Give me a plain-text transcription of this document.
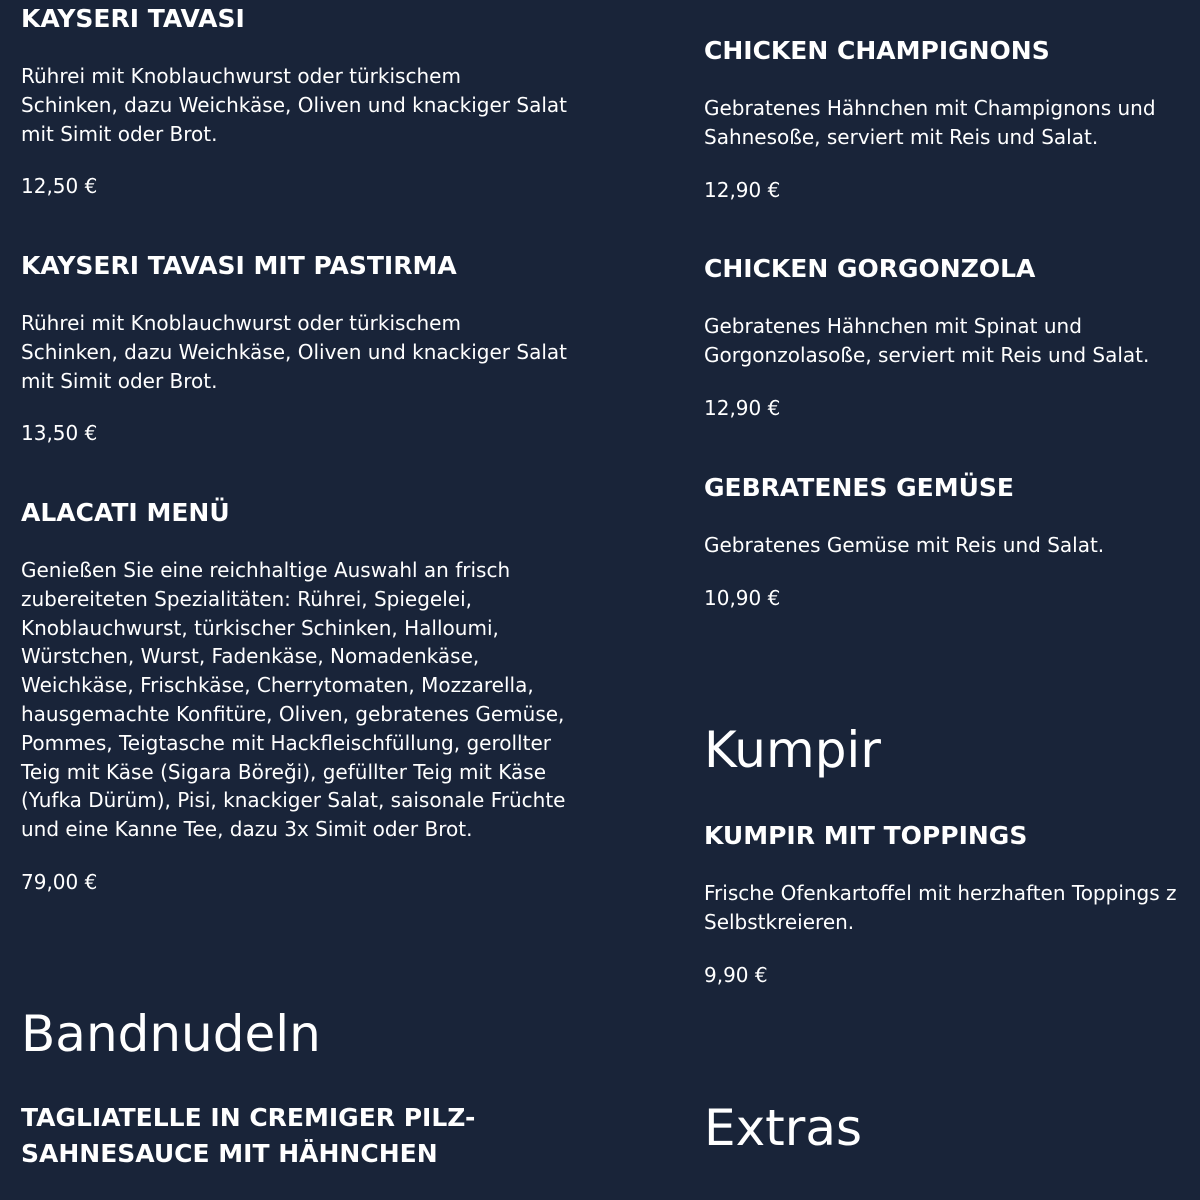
KAYSERI TAVASI

Rührei mit Knoblauchwurst oder türkischem
Schinken, dazu Weichkäse, Oliven und knackiger Salat
mit Simit oder Brot.

12,50 €

KAYSERI TAVASI MIT PASTIRMA

Rührei mit Knoblauchwurst oder türkischem
Schinken, dazu Weichkäse, Oliven und knackiger Salat
mit Simit oder Brot.

13,50 €

ALACATI MENÜ

Genießen Sie eine reichhaltige Auswahl an frisch
zubereiteten Spezialitäten: Rührei, Spiegelei,
Knoblauchwurst, türkischer Schinken, Halloumi,
Würstchen, Wurst, Fadenkäse, Nomadenkäse,
Weichkäse, Frischkäse, Cherrytomaten, Mozzarella,
hausgemachte Konfitüre, Oliven, gebratenes Gemüse,
Pommes, Teigtasche mit Hackfleischfüllung, gerollter
Teig mit Käse (Sigara Böreği), gefüllter Teig mit Käse
(Yufka Dürüm), Pisi, knackiger Salat, saisonale Früchte
und eine Kanne Tee, dazu 3x Simit oder Brot.

79,00 €

Bandnudeln
TAGLIATELLE IN CREMIGER PILZ-
SAHNESAUCE MIT HÄHNCHEN
CHICKEN CHAMPIGNONS

Gebratenes Hähnchen mit Champignons und
Sahnesoße, serviert mit Reis und Salat.

12,90 €

CHICKEN GORGONZOLA

Gebratenes Hähnchen mit Spinat und
Gorgonzolasoße, serviert mit Reis und Salat.

12,90 €

GEBRATENES GEMÜSE

Gebratenes Gemüse mit Reis und Salat.

10,90 €

Kumpir
KUMPIR MIT TOPPINGS

Frische Ofenkartoffel mit herzhaften Toppings z
Selbstkreieren.

9,90 €

Extras
